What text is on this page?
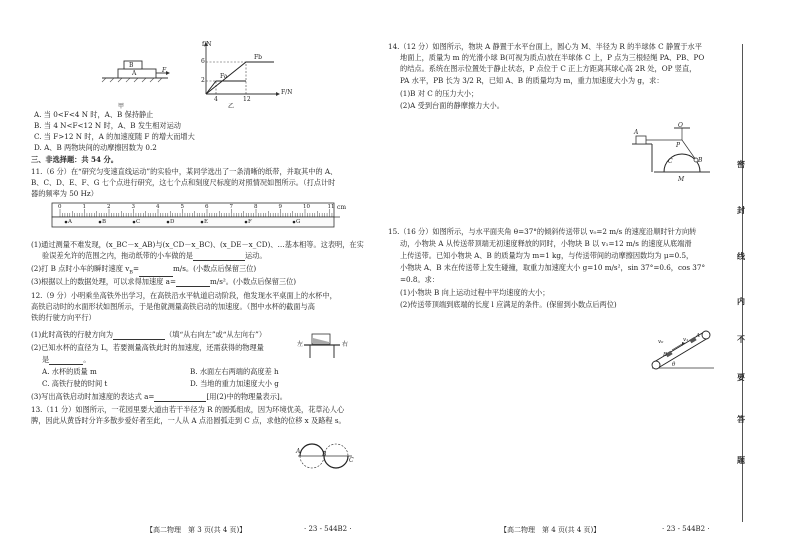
甲
B
A	F
f/N
F/N
6
2
4	12
Fa
Fb
乙
A. 当 0<F<4 N 时，A、B 保持静止
B. 当 4 N<F<12 N 时，A、B 发生相对运动
C. 当 F>12 N 时，A 的加速度随 F 的增大而增大
D. A、B 两物块间的动摩擦因数为 0.2
三、非选择题：共 54 分。
11.（6 分）在“研究匀变速直线运动”的实验中，某同学选出了一条清晰的纸带，并取其中的 A、
B、C、D、E、F、G 七个点进行研究，这七个点和刻度尺标度的对照情况如图所示。（打点计时
器的频率为 50 Hz）
cm
0	1	2	3	4	5	6	7	8	9	10	11
A	B	C	D	E	F	G
(1)通过测量不难发现，(x_BC－x_AB)与(x_CD－x_BC)、(x_DE－x_CD)、…基本相等。这表明，在实
验误差允许的范围之内，拖动纸带的小车做的是	运动。
(2)打 B 点时小车的瞬时速度 $v_B=$	m/s。(小数点后保留三位)
(3)根据以上的数据处理，可以求得加速度 a=	m/s²。(小数点后保留三位)
12.（9 分）小明乘坐高铁外出学习，在高铁沿水平轨道启动阶段，他发现水平桌面上的水杯中，
高铁启动时的水面形状如图所示，于是他就测量高铁启动的加速度。（图中水杯的截面与高
铁的行驶方向平行）
左	右
(1)此时高铁的行驶方向为	（填“从右向左”或“从左向右”）
(2)已知水杯的直径为 L，若要测量高铁此时的加速度，还需获得的物理量
是	。
A. 水杯的质量 m	B. 水面左右两端的高度差 h
C. 高铁行驶的时间 t	D. 当地的重力加速度大小 g
(3)写出高铁启动时加速度的表达式 a=	[用(2)中的物理量表示]。
13.（11 分）如图所示，一花园里要大道由若干半径为 R 的圆弧组成，因为环境优美，花草沁人心
脾，因此从黄昏时分许多散步爱好者至此，一人从 A 点沿圆弧走到 C 点，求他的位移 x 及路程 s。
A	B
C
【高二物理　第 3 页(共 4 页)】	· 23 - 544B2 ·
14.（12 分）如图所示，物块 A 静置于水平台面上，圆心为 M、半径为 R 的半球体 C 静置于水平
地面上，质量为 m 的光滑小球 B(可视为质点)放在半球体 C 上，P 点为三根轻绳 PA、PB、PO
的结点。系统在图示位置处于静止状态，P 点位于 C 正上方距离其球心高 2R 处，OP 竖直，
PA 水平，PB 长为 3/2 R，已知 A、B 的质量均为 m，重力加速度大小为 g，求：
(1)B 对 C 的压力大小；
(2)A 受到台面的静摩擦力大小。
O
A
P
C	B
M
15.（16 分）如图所示，与水平面夹角 θ=37°的倾斜传送带以 v₀=2 m/s 的速度沿顺时针方向转
动，小物块 A 从传送带顶端无初速度释放的同时，小物块 B 以 v₁=12 m/s 的速度从底端滑
上传送带。已知小物块 A、B 的质量均为 m=1 kg，与传送带间的动摩擦因数均为 μ=0.5，
小物块 A、B 未在传送带上发生碰撞，取重力加速度大小 g=10 m/s²，sin 37°=0.6，cos 37°
=0.8。求：
(1)小物块 B 向上运动过程中平均速度的大小；
(2)传送带顶端到底端的长度 l 应满足的条件。(保留到小数点后两位)
v₀	v₁
A
B
θ
【高二物理　第 4 页(共 4 页)】	· 23 - 544B2 ·
密
封
线
内
不
要
答
题
